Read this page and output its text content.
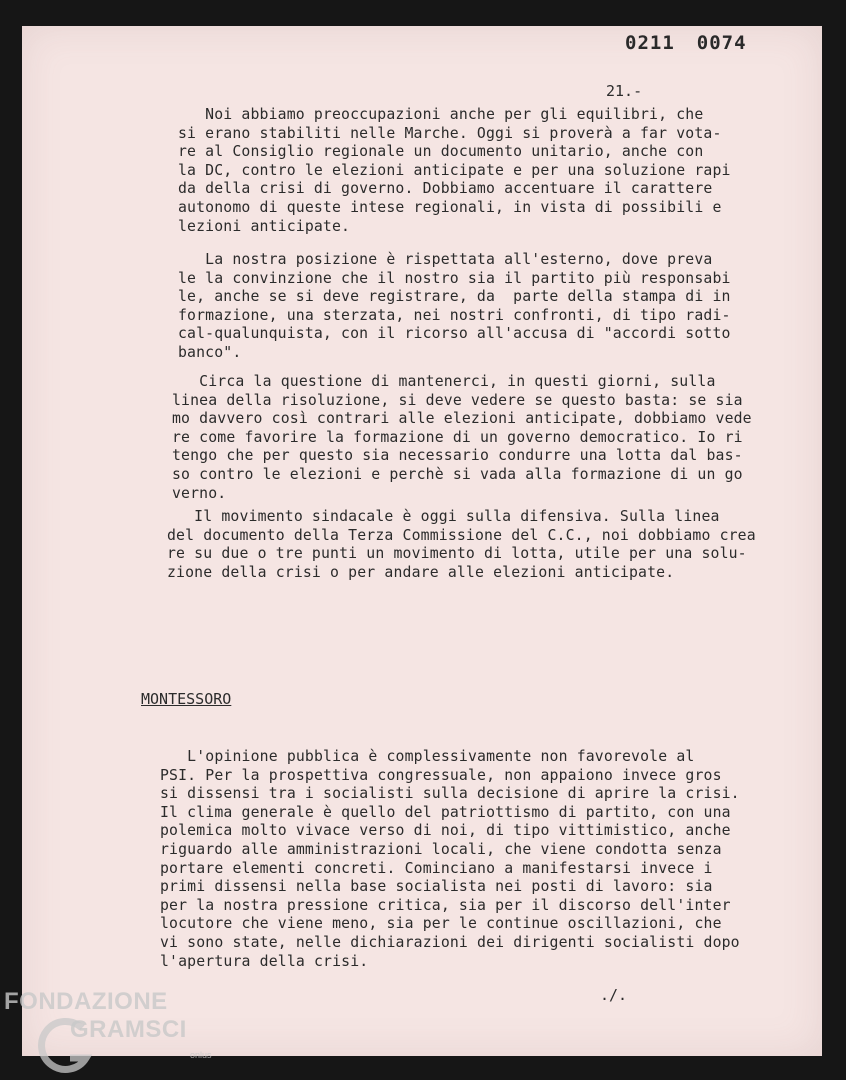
0211 0074
21.-
Noi abbiamo preoccupazioni anche per gli equilibri, che
si erano stabiliti nelle Marche. Oggi si proverà a far vota-
re al Consiglio regionale un documento unitario, anche con
la DC, contro le elezioni anticipate e per una soluzione rapi
da della crisi di governo. Dobbiamo accentuare il carattere
autonomo di queste intese regionali, in vista di possibili e
lezioni anticipate.
La nostra posizione è rispettata all'esterno, dove preva
le la convinzione che il nostro sia il partito più responsabi
le, anche se si deve registrare, da  parte della stampa di in
formazione, una sterzata, nei nostri confronti, di tipo radi-
cal-qualunquista, con il ricorso all'accusa di "accordi sotto
banco".
Circa la questione di mantenerci, in questi giorni, sulla
linea della risoluzione, si deve vedere se questo basta: se sia
mo davvero così contrari alle elezioni anticipate, dobbiamo vede
re come favorire la formazione di un governo democratico. Io ri
tengo che per questo sia necessario condurre una lotta dal bas-
so contro le elezioni e perchè si vada alla formazione di un go
verno.
Il movimento sindacale è oggi sulla difensiva. Sulla linea
del documento della Terza Commissione del C.C., noi dobbiamo crea
re su due o tre punti un movimento di lotta, utile per una solu-
zione della crisi o per andare alle elezioni anticipate.
MONTESSORO
L'opinione pubblica è complessivamente non favorevole al
PSI. Per la prospettiva congressuale, non appaiono invece gros
si dissensi tra i socialisti sulla decisione di aprire la crisi.
Il clima generale è quello del patriottismo di partito, con una
polemica molto vivace verso di noi, di tipo vittimistico, anche
riguardo alle amministrazioni locali, che viene condotta senza
portare elementi concreti. Cominciano a manifestarsi invece i
primi dissensi nella base socialista nei posti di lavoro: sia
per la nostra pressione critica, sia per il discorso dell'inter
locutore che viene meno, sia per le continue oscillazioni, che
vi sono state, nelle dichiarazioni dei dirigenti socialisti dopo
l'apertura della crisi.
./.
FONDAZIONE
GRAMSCI
onlus
